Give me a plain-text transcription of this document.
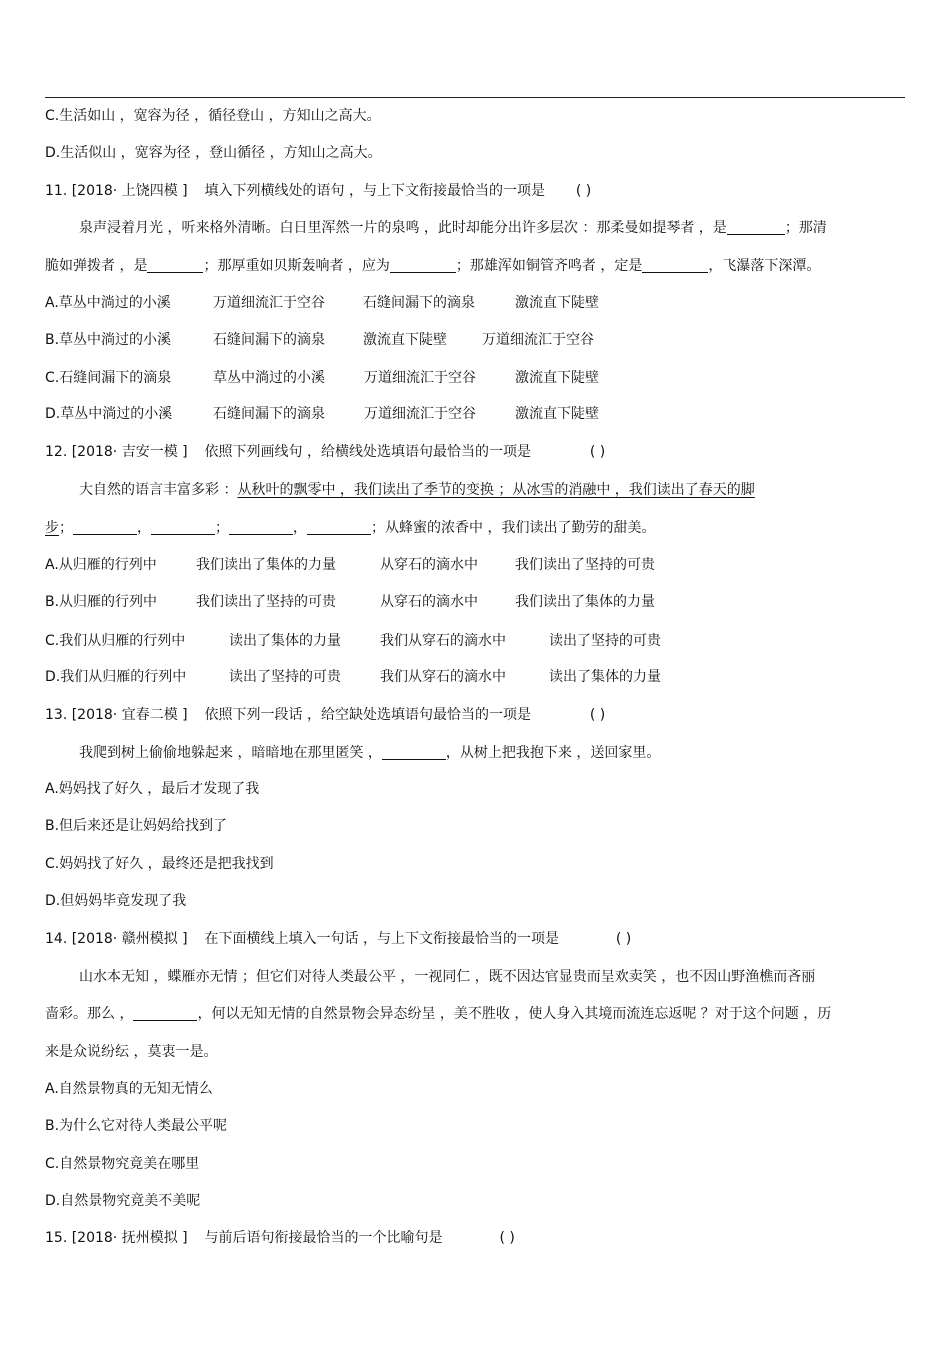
C.生活如山 ，宽容为径 ，循径登山 ，方知山之高大。
D.生活似山 ，宽容为径 ，登山循径 ，方知山之高大。
11. [2018· 上饶四模 ] 填入下列横线处的语句 ，与上下文衔接最恰当的一项是 ( )
泉声浸着月光 ，听来格外清晰。白日里浑然一片的泉鸣 ，此时却能分出许多层次 ：那柔曼如提琴者 ，是	；那清
脆如弹拨者 ，是	；那厚重如贝斯轰响者 ，应为	；那雄浑如铜管齐鸣者 ，定是	，飞瀑落下深潭。
A.草丛中淌过的小溪	万道细流汇于空谷	石缝间漏下的滴泉	激流直下陡壁
B.草丛中淌过的小溪	石缝间漏下的滴泉	激流直下陡壁	万道细流汇于空谷
C.石缝间漏下的滴泉	草丛中淌过的小溪	万道细流汇于空谷	激流直下陡壁
D.草丛中淌过的小溪	石缝间漏下的滴泉	万道细流汇于空谷	激流直下陡壁
12. [2018· 吉安一模 ] 依照下列画线句 ，给横线处选填语句最恰当的一项是	( )
大自然的语言丰富多彩 ：从秋叶的飘零中 ，我们读出了季节的变换 ；从冰雪的消融中 ，我们读出了春天的脚
步；	，	；	，	；从蜂蜜的浓香中 ，我们读出了勤劳的甜美。
A.从归雁的行列中	我们读出了集体的力量	从穿石的滴水中	我们读出了坚持的可贵
B.从归雁的行列中	我们读出了坚持的可贵	从穿石的滴水中	我们读出了集体的力量
C.我们从归雁的行列中	读出了集体的力量	我们从穿石的滴水中	读出了坚持的可贵
D.我们从归雁的行列中	读出了坚持的可贵	我们从穿石的滴水中	读出了集体的力量
13. [2018· 宜春二模 ] 依照下列一段话 ，给空缺处选填语句最恰当的一项是	( )
我爬到树上偷偷地躲起来 ，暗暗地在那里匿笑 ，	，从树上把我抱下来 ，送回家里。
A.妈妈找了好久 ，最后才发现了我
B.但后来还是让妈妈给找到了
C.妈妈找了好久 ，最终还是把我找到
D.但妈妈毕竟发现了我
14. [2018· 赣州模拟 ] 在下面横线上填入一句话 ，与上下文衔接最恰当的一项是	( )
山水本无知 ，蝶雁亦无情 ；但它们对待人类最公平 ，一视同仁 ，既不因达官显贵而呈欢卖笑 ，也不因山野渔樵而吝丽
啬彩。那么 ，	，何以无知无情的自然景物会异态纷呈 ，美不胜收 ，使人身入其境而流连忘返呢 ？对于这个问题 ，历
来是众说纷纭 ，莫衷一是。
A.自然景物真的无知无情么
B.为什么它对待人类最公平呢
C.自然景物究竟美在哪里
D.自然景物究竟美不美呢
15. [2018· 抚州模拟 ] 与前后语句衔接最恰当的一个比喻句是	( )
